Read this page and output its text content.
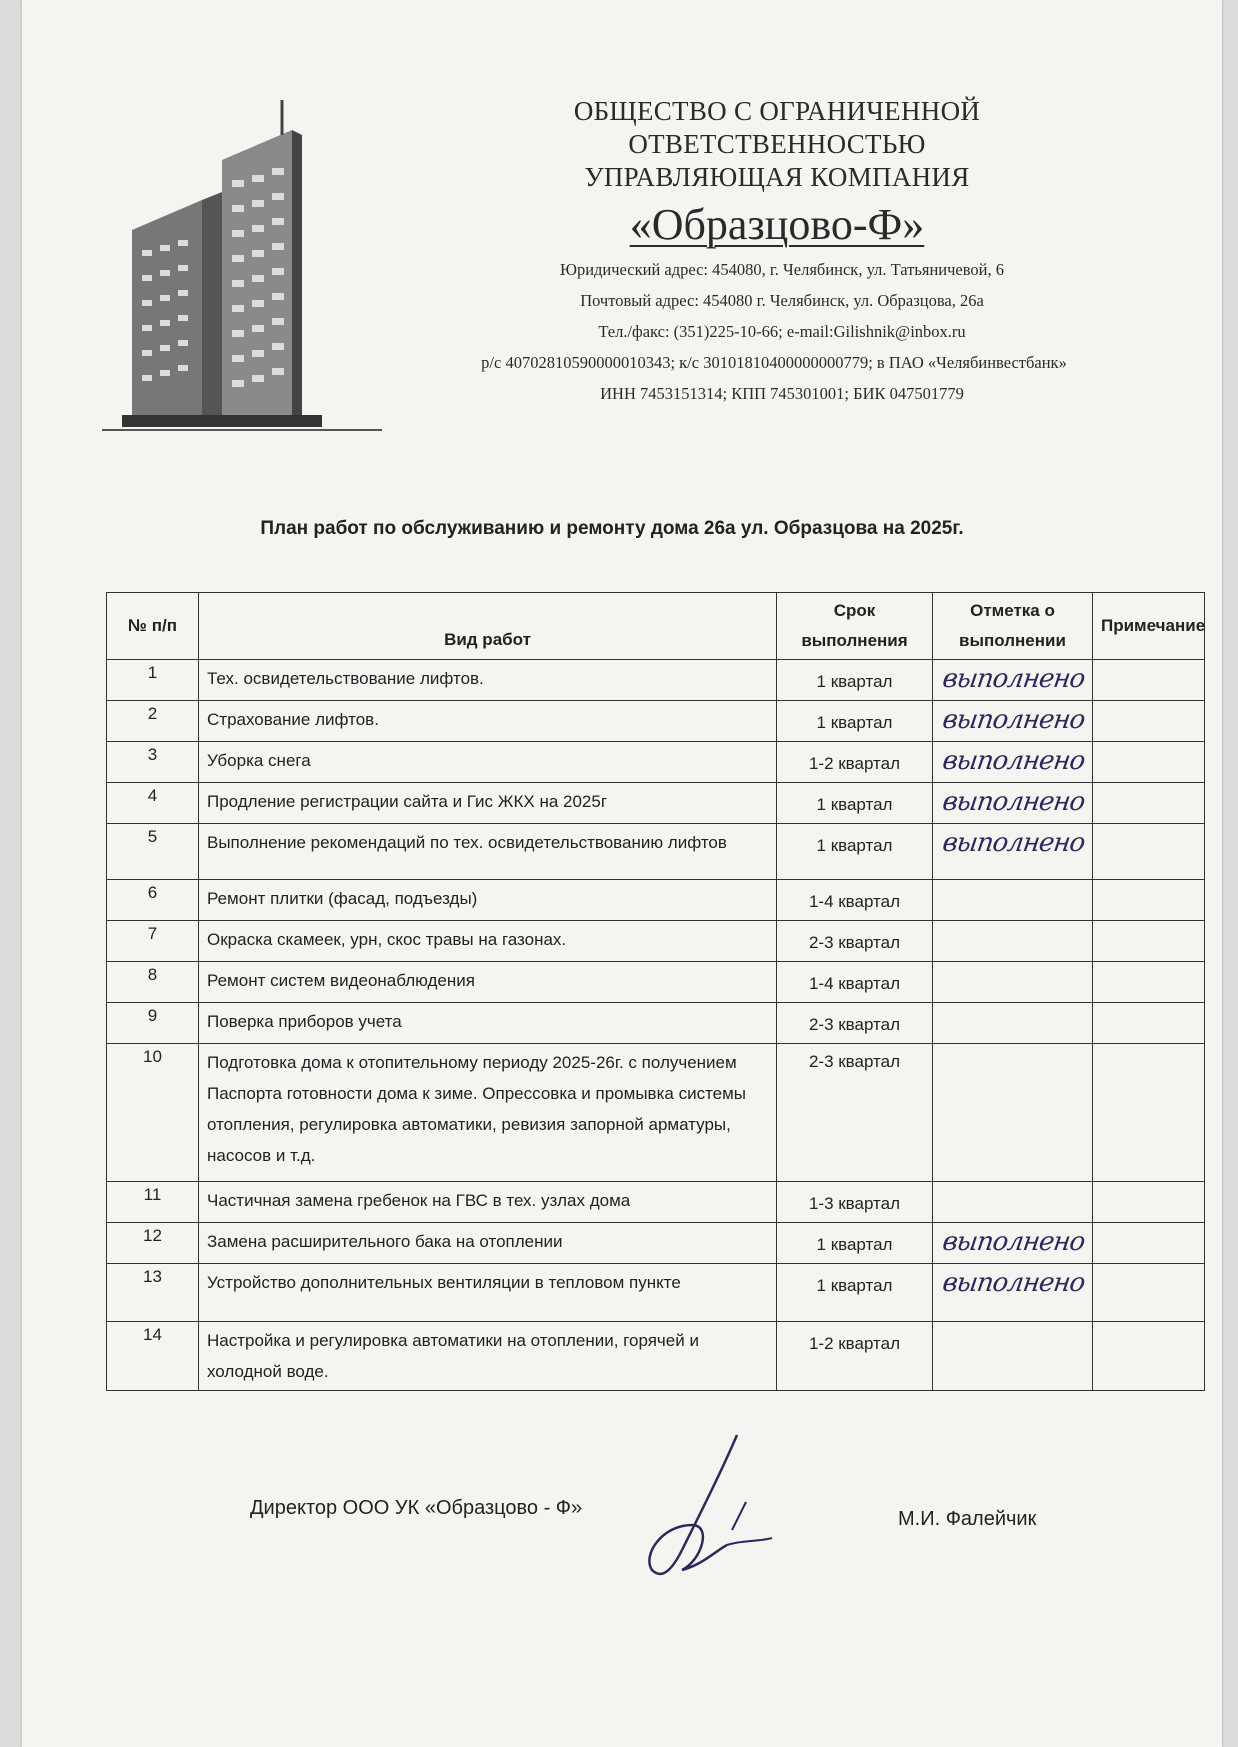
ОБЩЕСТВО С ОГРАНИЧЕННОЙ
ОТВЕТСТВЕННОСТЬЮ
УПРАВЛЯЮЩАЯ КОМПАНИЯ
«Образцово-Ф»
Юридический адрес: 454080, г. Челябинск, ул. Татьяничевой, 6
Почтовый адрес: 454080 г. Челябинск, ул. Образцова, 26а
Тел./факс: (351)225-10-66; e-mail:Gilishnik@inbox.ru
р/с 40702810590000010343; к/с 30101810400000000779; в ПАО «Челябинвестбанк»
ИНН 7453151314; КПП 745301001; БИК 047501779
План работ по обслуживанию и ремонту дома 26а ул. Образцова на 2025г.
№ п/п	Вид работ	Срок выполнения	Отметка о выполнении	Примечание
1	Тех. освидетельствование лифтов.	1 квартал	выполнено	

2	Страхование лифтов.	1 квартал	выполнено	

3	Уборка снега	1-2 квартал	выполнено	

4	Продление регистрации сайта и Гис ЖКХ на 2025г	1 квартал	выполнено	

5	Выполнение рекомендаций по тех. освидетельствованию лифтов	1 квартал	выполнено	

6	Ремонт плитки (фасад, подъезды)	1-4 квартал		
7	Окраска скамеек, урн, скос травы на газонах.	2-3 квартал		
8	Ремонт систем видеонаблюдения	1-4 квартал		
9	Поверка приборов учета	2-3 квартал		
10	Подготовка дома к отопительному периоду 2025-26г. с получением Паспорта готовности дома к зиме. Опрессовка и промывка системы отопления, регулировка автоматики, ревизия запорной арматуры, насосов и т.д.	2-3 квартал		
11	Частичная замена гребенок на ГВС в тех. узлах дома	1-3 квартал		
12	Замена расширительного бака на отоплении	1 квартал	выполнено	

13	Устройство дополнительных вентиляции в тепловом пункте	1 квартал	выполнено	

14	Настройка и регулировка автоматики на отоплении, горячей и холодной воде.	1-2 квартал		
Директор ООО УК «Образцово - Ф»	М.И. Фалейчик
